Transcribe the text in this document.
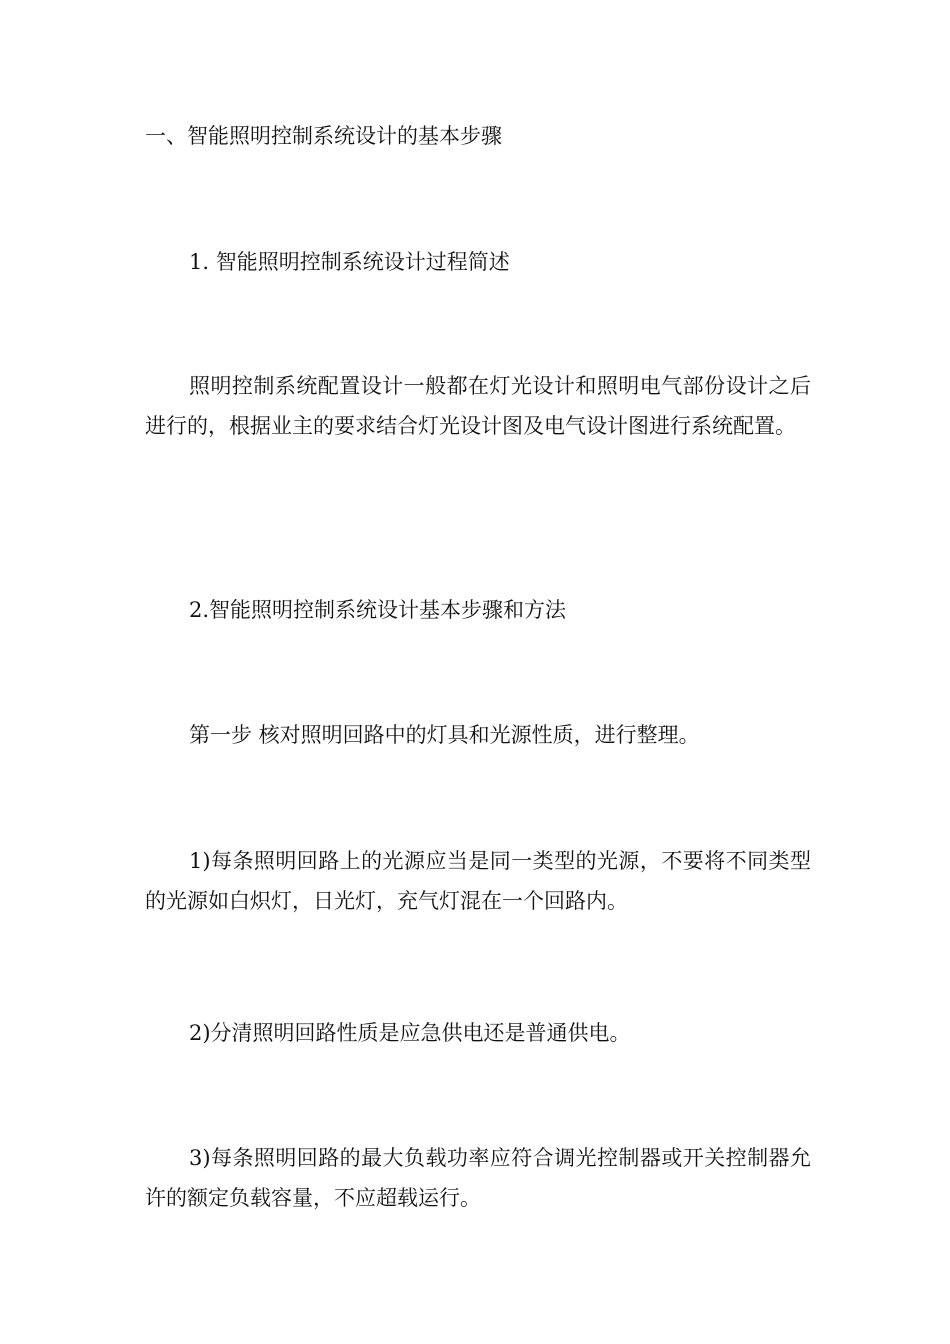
一、智能照明控制系统设计的基本步骤

1. 智能照明控制系统设计过程简述

照明控制系统配置设计一般都在灯光设计和照明电气部份设计之后进行的，根据业主的要求结合灯光设计图及电气设计图进行系统配置。

2.智能照明控制系统设计基本步骤和方法

第一步 核对照明回路中的灯具和光源性质，进行整理。

1)每条照明回路上的光源应当是同一类型的光源，不要将不同类型的光源如白炽灯，日光灯，充气灯混在一个回路内。

2)分清照明回路性质是应急供电还是普通供电。

3)每条照明回路的最大负载功率应符合调光控制器或开关控制器允许的额定负载容量，不应超载运行。
